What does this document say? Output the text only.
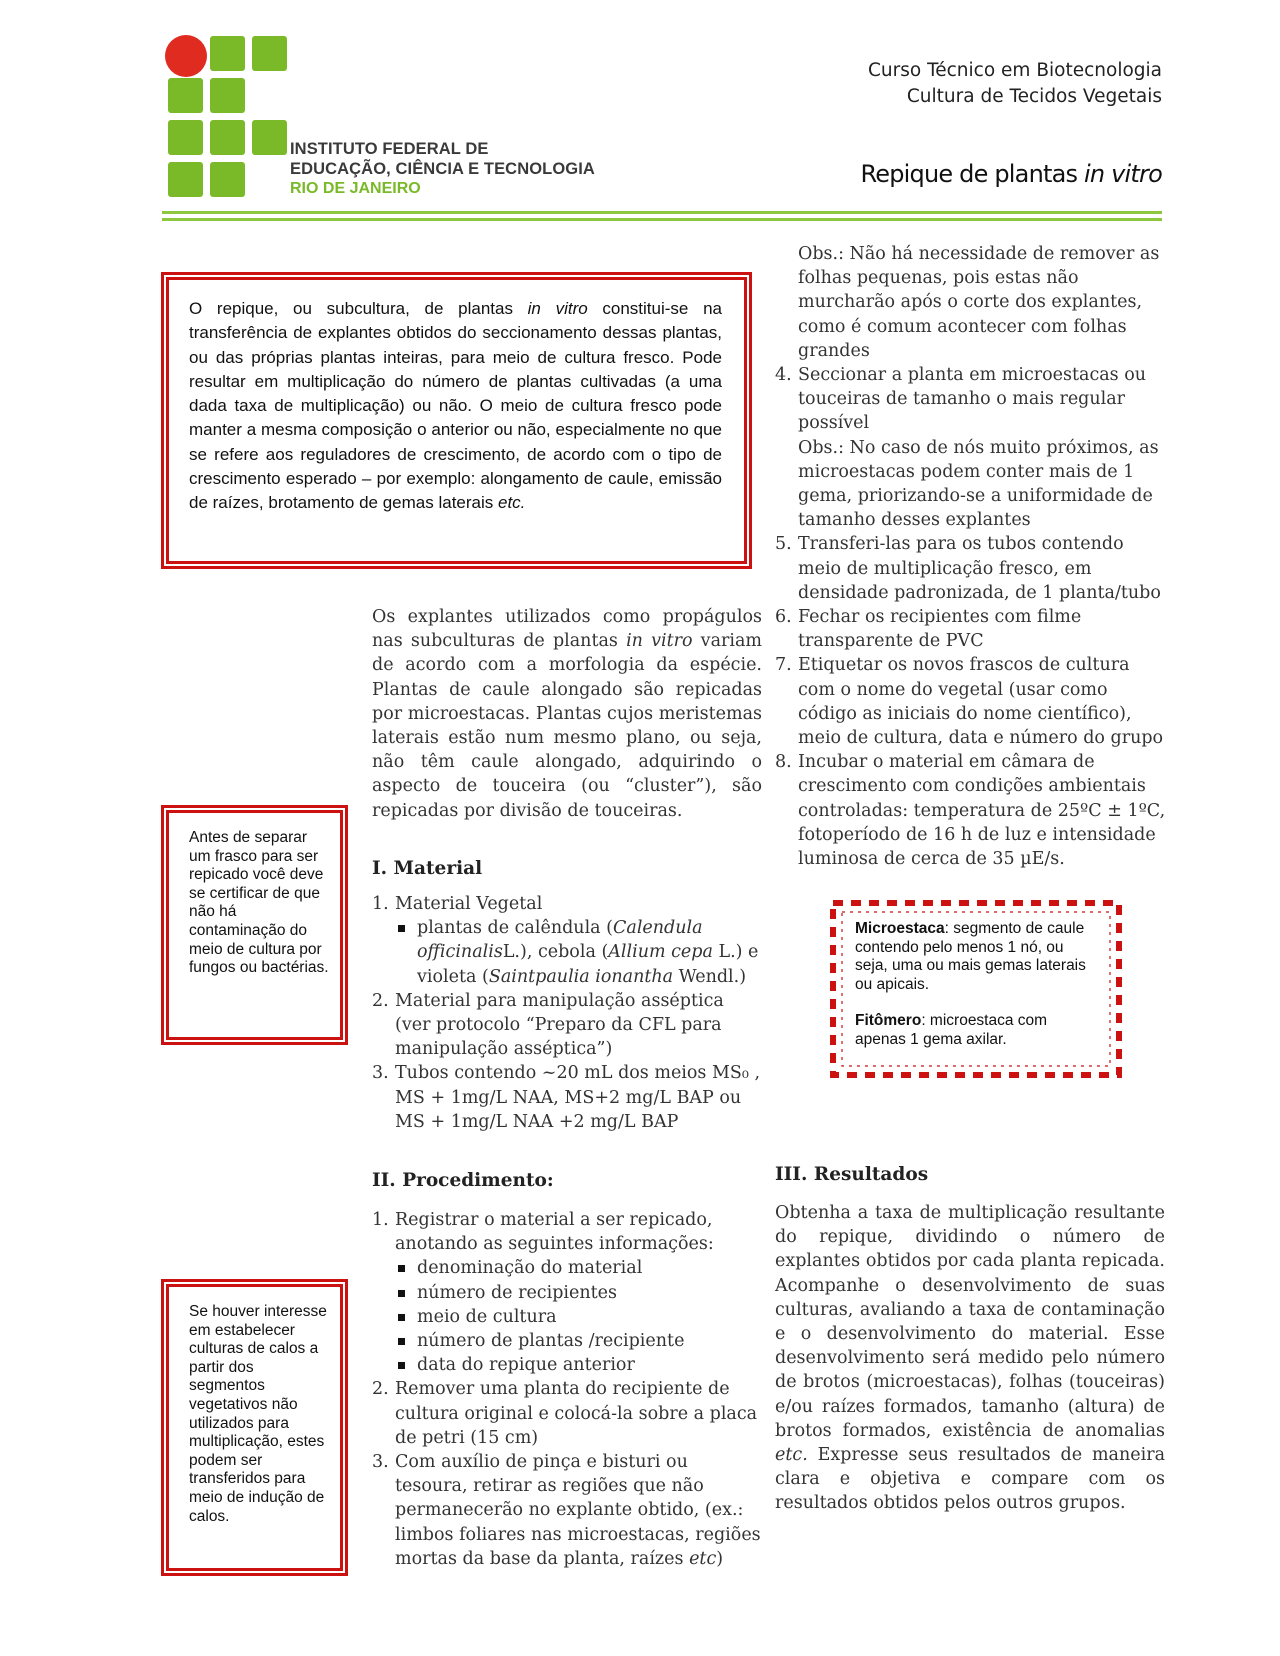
INSTITUTO FEDERAL DE
EDUCAÇÃO, CIÊNCIA E TECNOLOGIA
RIO DE JANEIRO
Curso Técnico em Biotecnologia
Cultura de Tecidos Vegetais
Repique de plantas in vitro
O repique, ou subcultura, de plantas in vitro constitui-se na transferência de explantes obtidos do seccionamento dessas plantas, ou das próprias plantas inteiras, para meio de cultura fresco. Pode resultar em multiplicação do número de plantas cultivadas (a uma dada taxa de multiplicação) ou não. O meio de cultura fresco pode manter a mesma composição o anterior ou não, especialmente no que se refere aos reguladores de crescimento, de acordo com o tipo de crescimento esperado – por exemplo: alongamento de caule, emissão de raízes, brotamento de gemas laterais etc.
Antes de separar um frasco para ser repicado você deve se certificar de que não há contaminação do meio de cultura por fungos ou bactérias.
Se houver interesse em estabelecer culturas de calos a partir dos segmentos vegetativos não utilizados para multiplicação, estes podem ser transferidos para meio de indução de calos.
Os explantes utilizados como propágulos nas subculturas de plantas in vitro variam de acordo com a morfologia da espécie. Plantas de caule alongado são repicadas por microestacas. Plantas cujos meristemas laterais estão num mesmo plano, ou seja, não têm caule alongado, adquirindo o aspecto de touceira (ou “cluster”), são repicadas por divisão de touceiras.
I. Material
1. Material Vegetal
plantas de calêndula (Calendula officinalisL.), cebola (Allium cepa L.) e violeta (Saintpaulia ionantha Wendl.)
2. Material para manipulação asséptica (ver protocolo “Preparo da CFL para manipulação asséptica”)
3. Tubos contendo ~20 mL dos meios MS₀ , MS + 1mg/L NAA, MS+2 mg/L BAP ou MS + 1mg/L NAA +2 mg/L BAP
II. Procedimento:
1. Registrar o material a ser repicado, anotando as seguintes informações:
denominação do material
número de recipientes
meio de cultura
número de plantas /recipiente
data do repique anterior
2. Remover uma planta do recipiente de cultura original e colocá-la sobre a placa de petri (15 cm)
3. Com auxílio de pinça e bisturi ou tesoura, retirar as regiões que não permanecerão no explante obtido, (ex.: limbos foliares nas microestacas, regiões mortas da base da planta, raízes etc)
Obs.: Não há necessidade de remover as folhas pequenas, pois estas não murcharão após o corte dos explantes, como é comum acontecer com folhas grandes
4. Seccionar a planta em microestacas ou touceiras de tamanho o mais regular possível
Obs.: No caso de nós muito próximos, as microestacas podem conter mais de 1 gema, priorizando-se a uniformidade de tamanho desses explantes
5. Transferi-las para os tubos contendo meio de multiplicação fresco, em densidade padronizada, de 1 planta/tubo
6. Fechar os recipientes com filme transparente de PVC
7. Etiquetar os novos frascos de cultura com o nome do vegetal (usar como código as iniciais do nome científico), meio de cultura, data e número do grupo
8. Incubar o material em câmara de crescimento com condições ambientais controladas: temperatura de 25ºC ± 1ºC, fotoperíodo de 16 h de luz e intensidade luminosa de cerca de 35 µE/s.
Microestaca: segmento de caule contendo pelo menos 1 nó, ou seja, uma ou mais gemas laterais ou apicais.
Fitômero: microestaca com apenas 1 gema axilar.
III. Resultados
Obtenha a taxa de multiplicação resultante do repique, dividindo o número de explantes obtidos por cada planta repicada. Acompanhe o desenvolvimento de suas culturas, avaliando a taxa de contaminação e o desenvolvimento do material. Esse desenvolvimento será medido pelo número de brotos (microestacas), folhas (touceiras) e/ou raízes formados, tamanho (altura) de brotos formados, existência de anomalias etc. Expresse seus resultados de maneira clara e objetiva e compare com os resultados obtidos pelos outros grupos.
